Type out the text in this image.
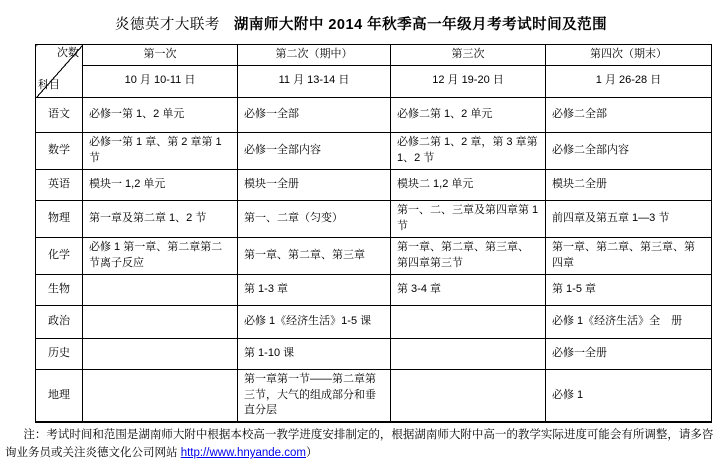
炎德英才大联考 湖南师大附中 2014 年秋季高一年级月考考试时间及范围
次数
科目	第一次	第二次（期中）	第三次	第四次（期末）
	10 月 10-11 日	11 月 13-14 日	12 月 19-20 日	1 月 26-28 日
语文	必修一第 1、2 单元	必修一全部	必修二第 1、2 单元	必修二全部
数学	必修一第 1 章、第 2 章第 1 节	必修一全部内容	必修二第 1、2 章，第 3 章第 1、2 节	必修二全部内容
英语	模块一 1,2 单元	模块一全册	模块二 1,2 单元	模块二全册
物理	第一章及第二章 1、2 节	第一、二章（匀变）	第一、二、三章及第四章第 1 节	前四章及第五章 1—3 节
化学	必修 1 第一章、第二章第二节离子反应	第一章、第二章、第三章	第一章、第二章、第三章、第四章第三节	第一章、第二章、第三章、第四章
生物		第 1-3 章	第 3-4 章	第 1-5 章
政治		必修 1《经济生活》1-5 课		必修 1《经济生活》全　册
历史		第 1-10 课		必修一全册
地理		第一章第一节——第二章第三节，大气的组成部分和垂直分层		必修 1

注：考试时间和范围是湖南师大附中根据本校高一教学进度安排制定的，根据湖南师大附中高一的教学实际进度可能会有所调整，请多咨询业务员或关注炎德文化公司网站 http://www.hnyande.com）
